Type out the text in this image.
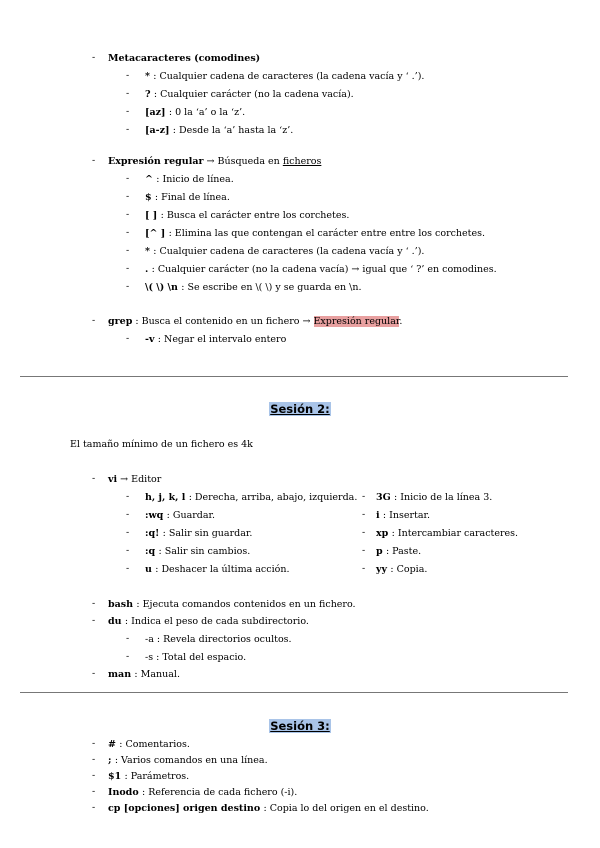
- Metacaracteres (comodines)
- * : Cualquier cadena de caracteres (la cadena vacía y ‘ .’).
- ? : Cualquier carácter (no la cadena vacía).
- [az] : 0 la ‘a’ o la ‘z’.
- [a-z] : Desde la ‘a’ hasta la ‘z’.
- Expresión regular → Búsqueda en ficheros
- ^ : Inicio de línea.
- $ : Final de línea.
- [ ] : Busca el carácter entre los corchetes.
- [^ ] : Elimina las que contengan el carácter entre entre los corchetes.
- * : Cualquier cadena de caracteres (la cadena vacía y ‘ .’).
- . : Cualquier carácter (no la cadena vacía) → igual que ‘ ?’ en comodines.
- \( \) \n : Se escribe en \( \) y se guarda en \n.
- grep : Busca el contenido en un fichero → Expresión regular.
- -v : Negar el intervalo entero
Sesión 2:
El tamaño mínimo de un fichero es 4k
- vi → Editor
- h, j, k, l : Derecha, arriba, abajo, izquierda.
- :wq : Guardar.
- :q! : Salir sin guardar.
- :q : Salir sin cambios.
- u : Deshacer la última acción.
- 3G : Inicio de la línea 3.
- i : Insertar.
- xp : Intercambiar caracteres.
- p : Paste.
- yy : Copia.
- bash : Ejecuta comandos contenidos en un fichero.
- du : Indica el peso de cada subdirectorio.
- -a : Revela directorios ocultos.
- -s : Total del espacio.
- man : Manual.
Sesión 3:
- # : Comentarios.
- ; : Varios comandos en una línea.
- $1 : Parámetros.
- Inodo : Referencia de cada fichero (-i).
- cp [opciones] origen destino : Copia lo del origen en el destino.
